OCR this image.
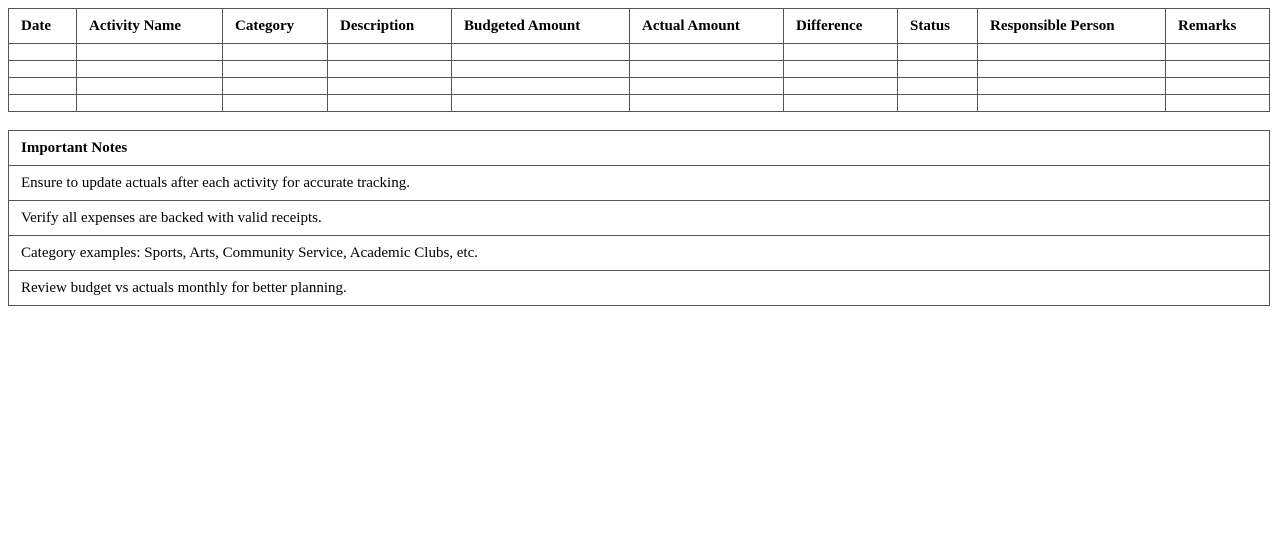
Date	Activity Name	Category	Description	Budgeted Amount	Actual Amount	Difference	Status	Responsible Person	Remarks

Important Notes
Ensure to update actuals after each activity for accurate tracking.
Verify all expenses are backed with valid receipts.
Category examples: Sports, Arts, Community Service, Academic Clubs, etc.
Review budget vs actuals monthly for better planning.
